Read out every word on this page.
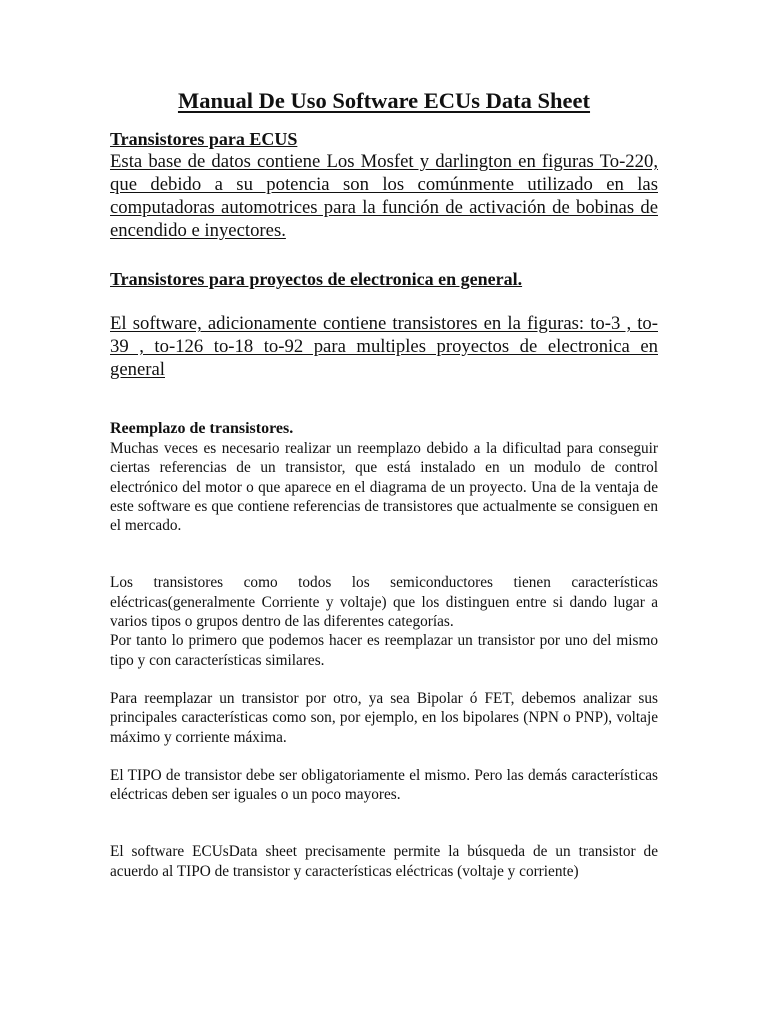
Manual De Uso Software ECUs Data Sheet
Transistores para ECUS

Esta base de datos contiene Los Mosfet y darlington en figuras To-220, que debido a su potencia son los comúnmente utilizado en las computadoras automotrices para la función de activación de bobinas de encendido e inyectores.

Transistores para proyectos de electronica en general.

El software, adicionamente contiene transistores en la figuras: to-3 , to-39 , to-126 to-18 to-92 para multiples proyectos de electronica en general

Reemplazo de transistores.

Muchas veces es necesario realizar un reemplazo debido a la dificultad para conseguir ciertas referencias de un transistor, que está instalado en un modulo de control electrónico del motor o que aparece en el diagrama de un proyecto. Una de la ventaja de este software es que contiene referencias de transistores que actualmente se consiguen en el mercado.

Los transistores como todos los semiconductores tienen características eléctricas(generalmente Corriente y voltaje) que los distinguen entre si dando lugar a varios tipos o grupos dentro de las diferentes categorías.

Por tanto lo primero que podemos hacer es reemplazar un transistor por uno del mismo tipo y con características similares.

Para reemplazar un transistor por otro, ya sea Bipolar ó FET, debemos analizar sus principales características como son, por ejemplo, en los bipolares (NPN o PNP), voltaje máximo y corriente máxima.

El TIPO de transistor debe ser obligatoriamente el mismo. Pero las demás características eléctricas deben ser iguales o un poco mayores.

El software ECUsData sheet precisamente permite la búsqueda de un transistor de acuerdo al TIPO de transistor y características eléctricas (voltaje y corriente)
